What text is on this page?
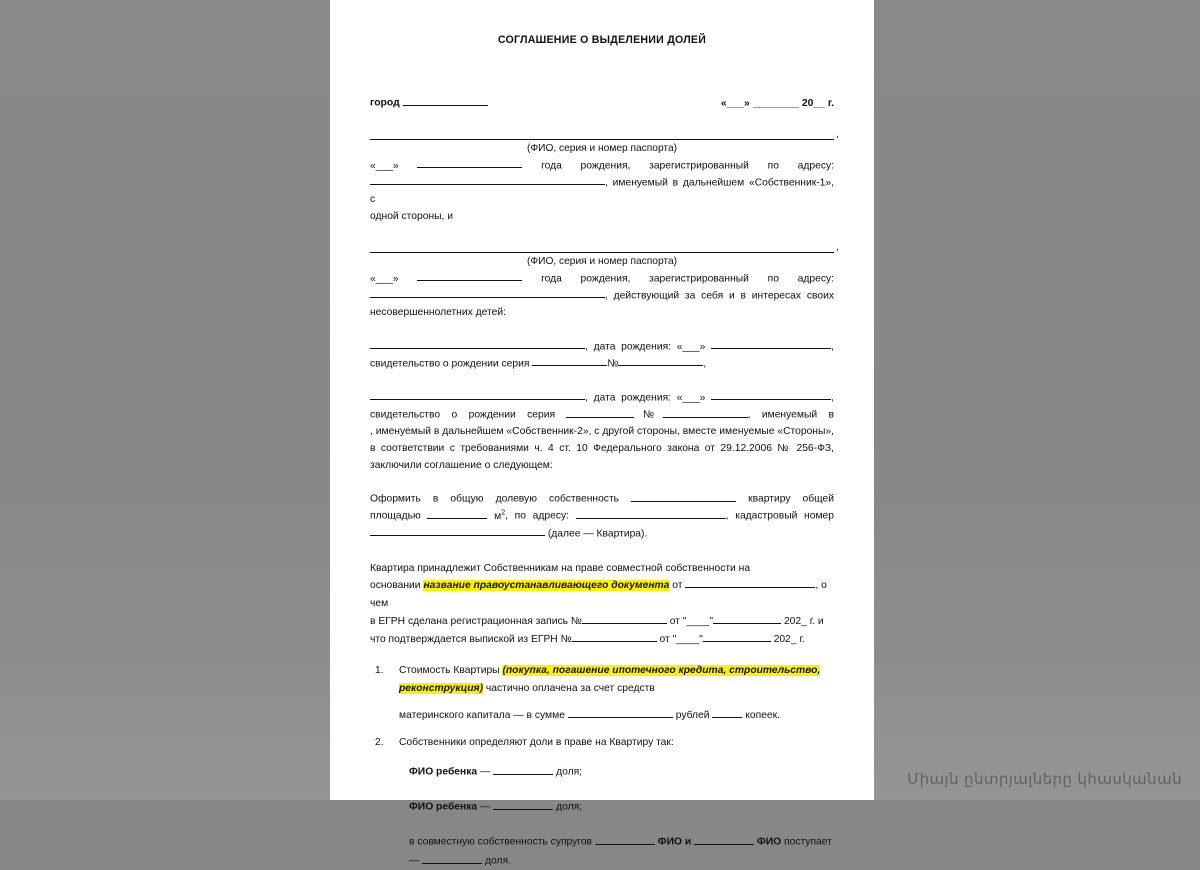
СОГЛАШЕНИЕ О ВЫДЕЛЕНИИ ДОЛЕЙ
город	«___» ________ 20__ г.
,
(ФИО, серия и номер паспорта)
«___»	года рождения, зарегистрированный по адресу:
, именуемый в дальнейшем «Собственник-1», с
одной стороны, и
,
(ФИО, серия и номер паспорта)
«___»	года рождения, зарегистрированный по адресу:
, действующий за себя и в интересах своих
несовершеннолетних детей:
, дата рождения: «___»	,
свидетельство о рождении серия	№	,
, дата рождения: «___»	,
свидетельство о рождении серия	№	, именуемый в
, именуемый в дальнейшем «Собственник-2», с другой стороны, вместе именуемые «Стороны», в соответствии с требованиями ч. 4 ст. 10 Федерального закона от 29.12.2006 № 256-ФЗ, заключили соглашение о следующем:
Оформить в общую долевую собственность	квартиру общей
площадью	$м^2$, по адресу:	, кадастровый номер
(далее — Квартира).
Квартира принадлежит Собственникам на праве совместной собственности на
основании название правоустанавливающего документа от	, о чем
в ЕГРН сделана регистрационная запись №	от "____"	202_ г. и
что подтверждается выпиской из ЕГРН №	от "____"	202_ г.
1.	Стоимость Квартиры (покупка, погашение ипотечного кредита, строительство, реконструкция) частично оплачена за счет средств
материнского капитала — в сумме	рублей	копеек.
2.	Собственники определяют доли в праве на Квартиру так:
ФИО ребенка —	доля;
ФИО ребенка —	доля;
в совместную собственность супругов	ФИО и	ФИО поступает
—	доля.
Միայն ընտրյալները կհասկանան
